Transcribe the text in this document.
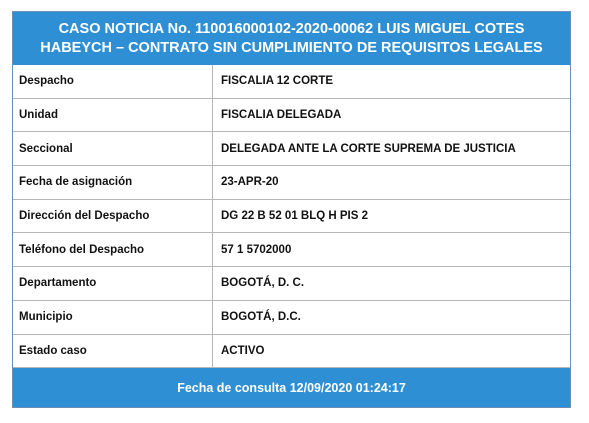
CASO NOTICIA No. 110016000102-2020-00062 LUIS MIGUEL COTES
HABEYCH – CONTRATO SIN CUMPLIMIENTO DE REQUISITOS LEGALES
Despacho	FISCALIA 12 CORTE
Unidad	FISCALIA DELEGADA
Seccional	DELEGADA ANTE LA CORTE SUPREMA DE JUSTICIA
Fecha de asignación	23-APR-20
Dirección del Despacho	DG 22 B 52 01 BLQ H PIS 2
Teléfono del Despacho	57 1 5702000
Departamento	BOGOTÁ, D. C.
Municipio	BOGOTÁ, D.C.
Estado caso	ACTIVO
Fecha de consulta 12/09/2020 01:24:17
